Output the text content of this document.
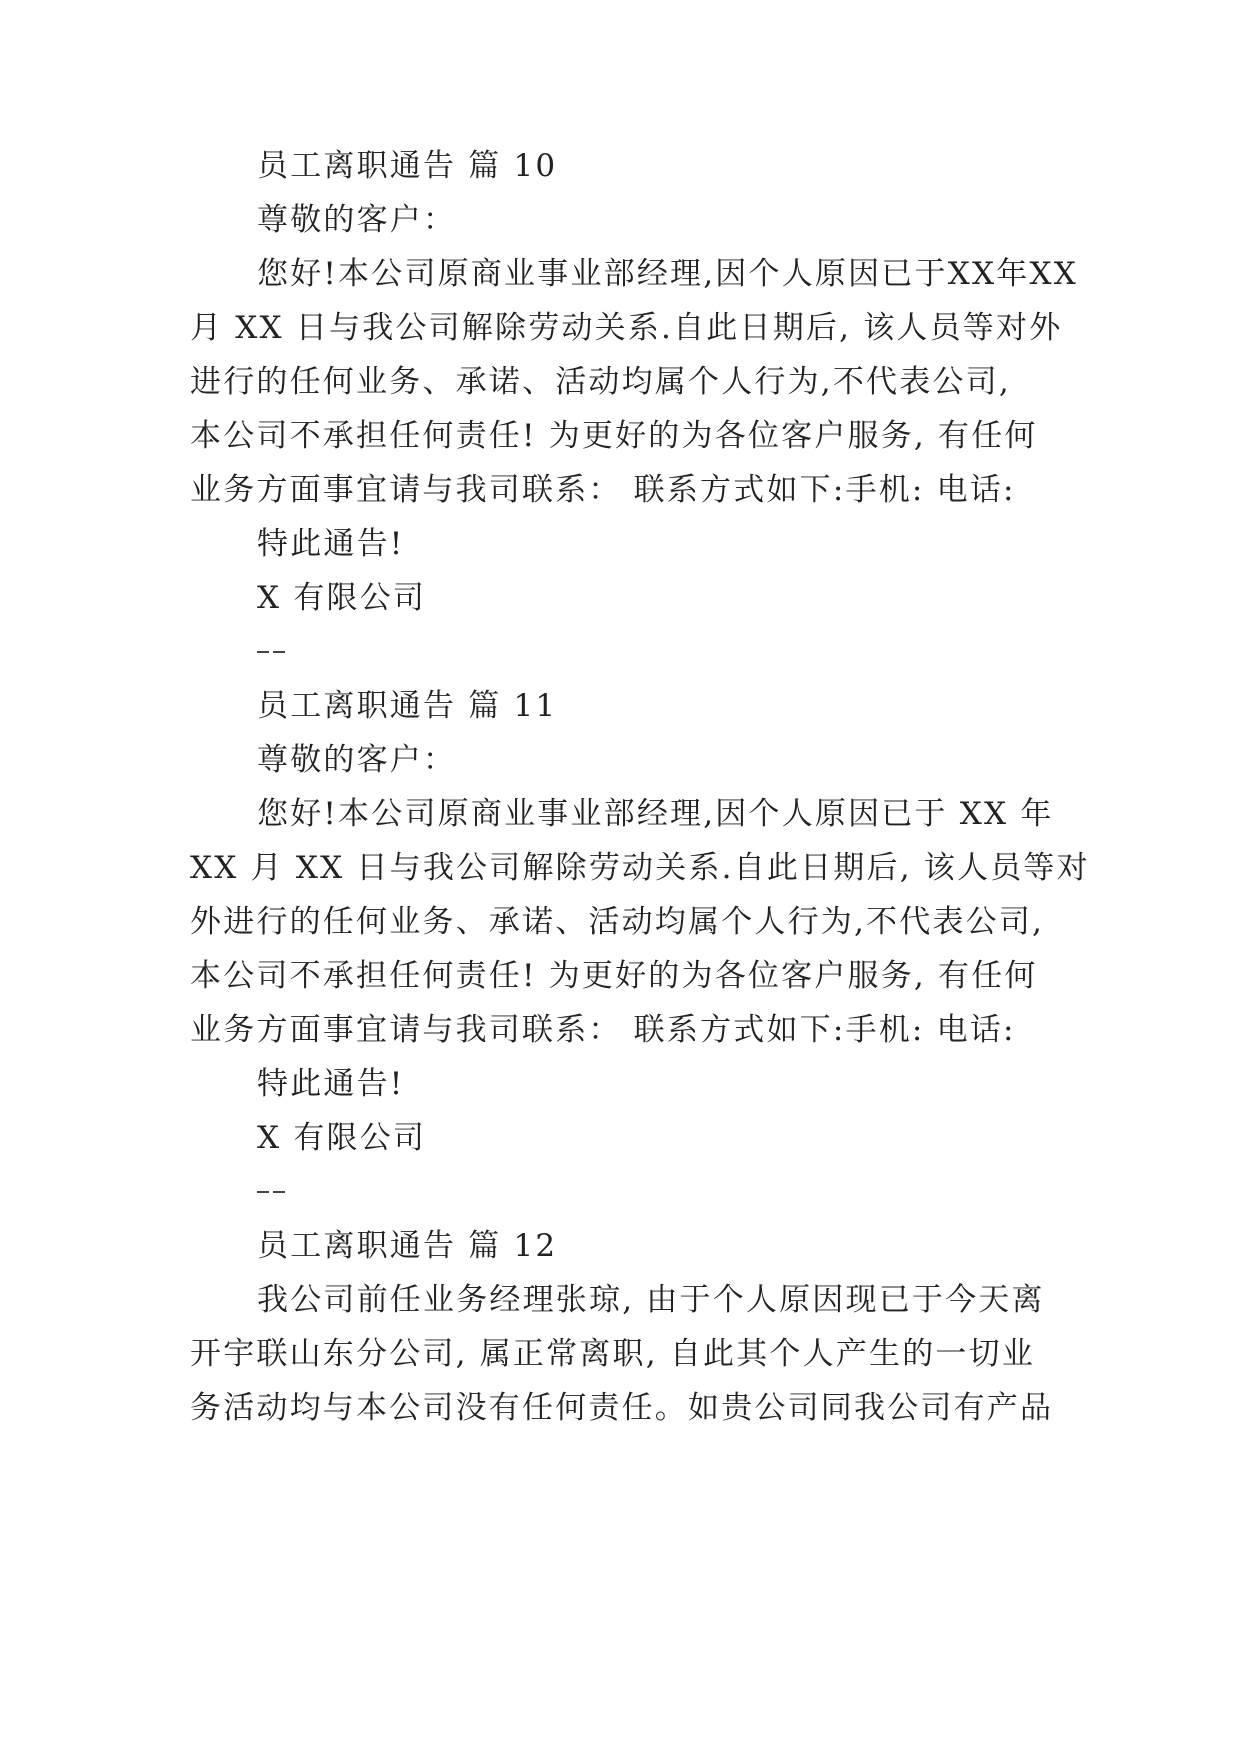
员工离职通告 篇 10
尊敬的客户：
您好!本公司原商业事业部经理,因个人原因已于XX年XX
月 XX 日与我公司解除劳动关系.自此日期后, 该人员等对外
进行的任何业务、承诺、活动均属个人行为,不代表公司,
本公司不承担任何责任! 为更好的为各位客户服务, 有任何
业务方面事宜请与我司联系： 联系方式如下:手机: 电话:
特此通告!
X 有限公司
员工离职通告 篇 11
尊敬的客户：
您好!本公司原商业事业部经理,因个人原因已于 XX 年
XX 月 XX 日与我公司解除劳动关系.自此日期后, 该人员等对
外进行的任何业务、承诺、活动均属个人行为,不代表公司,
本公司不承担任何责任! 为更好的为各位客户服务, 有任何
业务方面事宜请与我司联系： 联系方式如下:手机: 电话:
特此通告!
X 有限公司
员工离职通告 篇 12
我公司前任业务经理张琼, 由于个人原因现已于今天离
开宇联山东分公司, 属正常离职, 自此其个人产生的一切业
务活动均与本公司没有任何责任。如贵公司同我公司有产品
